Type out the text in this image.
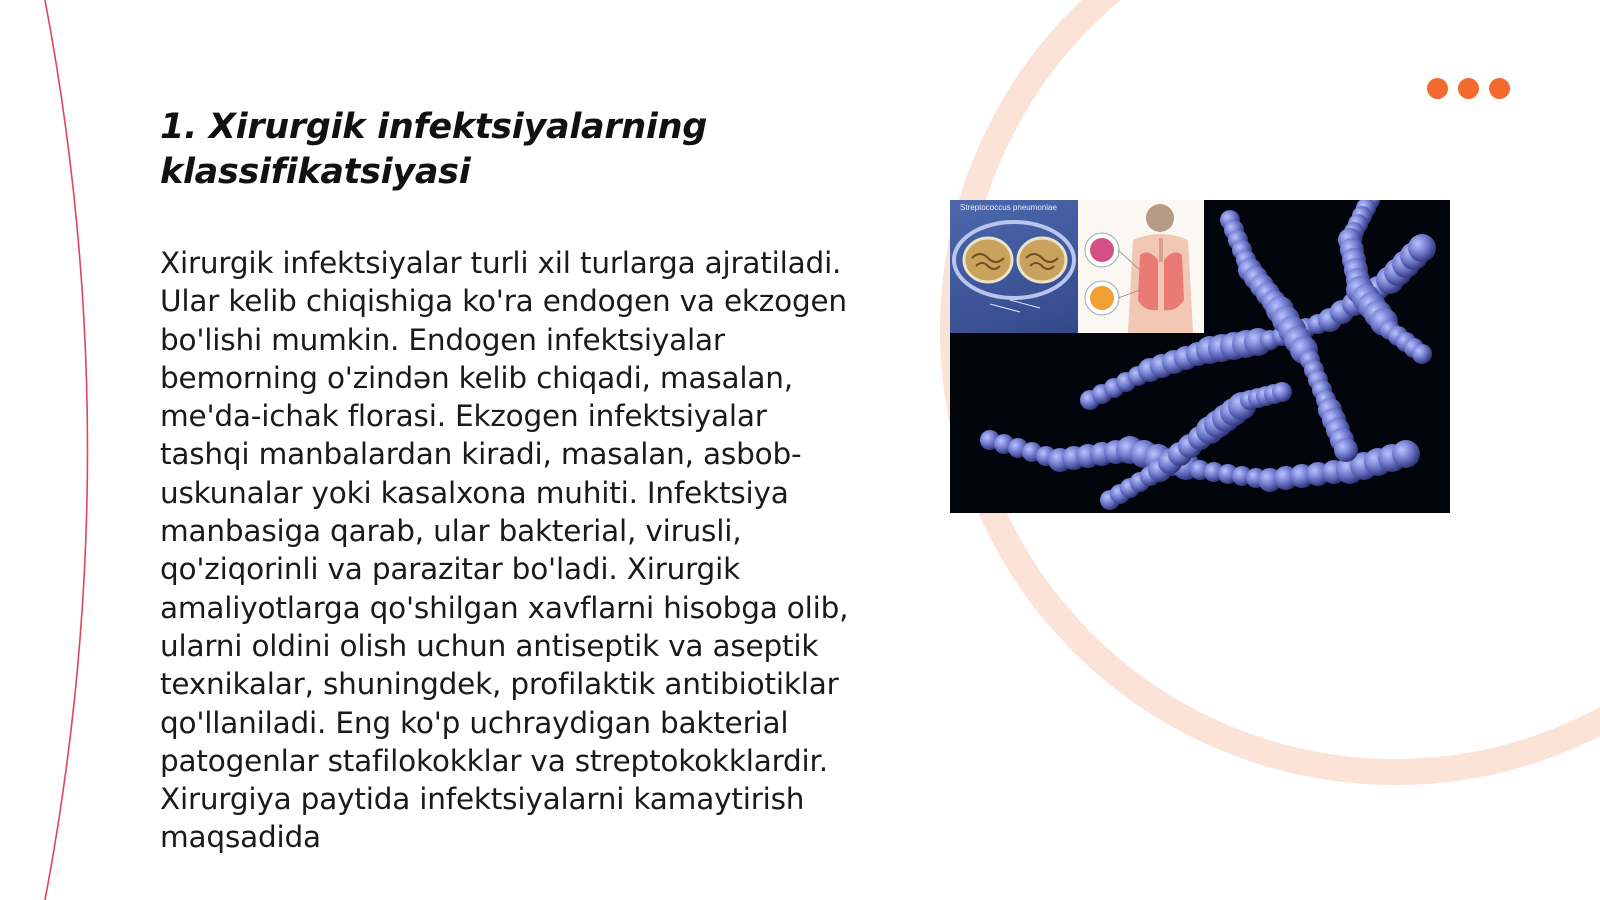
1. Xirurgik infektsiyalarning klassifikatsiyasi

Xirurgik infektsiyalar turli xil turlarga ajratiladi. Ular kelib chiqishiga ko'ra endogen va ekzogen bo'lishi mumkin. Endogen infektsiyalar bemorning o'zindən kelib chiqadi, masalan, me'da-ichak florasi. Ekzogen infektsiyalar tashqi manbalardan kiradi, masalan, asbob-uskunalar yoki kasalxona muhiti. Infektsiya manbasiga qarab, ular bakterial, virusli, qo'ziqorinli va parazitar bo'ladi. Xirurgik amaliyotlarga qo'shilgan xavflarni hisobga olib, ularni oldini olish uchun antiseptik va aseptik texnikalar, shuningdek, profilaktik antibiotiklar qo'llaniladi. Eng ko'p uchraydigan bakterial patogenlar stafilokokklar va streptokokklardir. Xirurgiya paytida infektsiyalarni kamaytirish maqsadida

Streptococcus pneumoniae
